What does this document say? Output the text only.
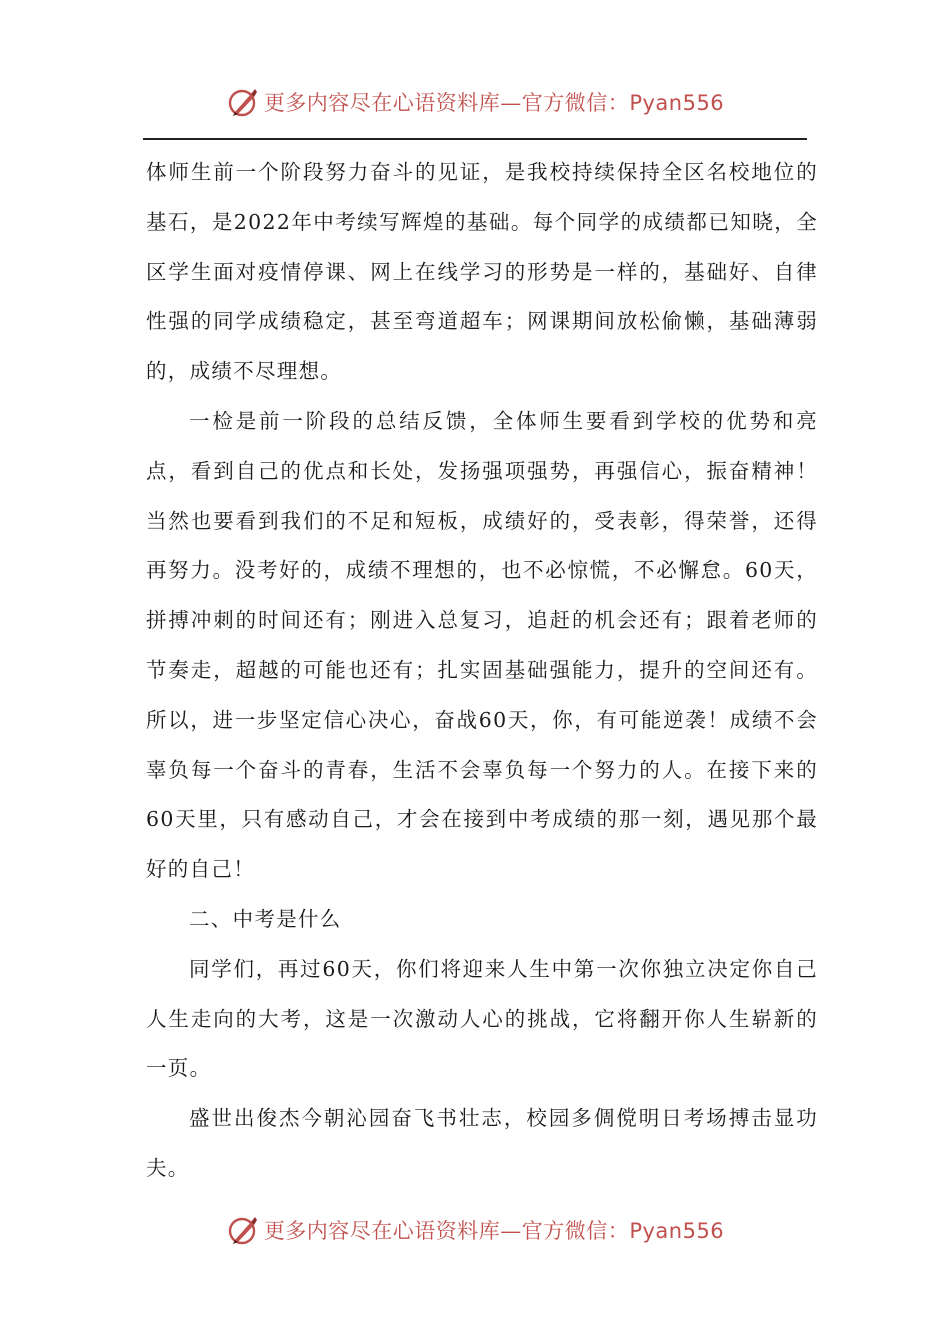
更多内容尽在心语资料库—官方微信：Pyan556

体师生前一个阶段努力奋斗的见证，是我校持续保持全区名校地位的基石，是2022年中考续写辉煌的基础。每个同学的成绩都已知晓，全区学生面对疫情停课、网上在线学习的形势是一样的，基础好、自律性强的同学成绩稳定，甚至弯道超车；网课期间放松偷懒，基础薄弱的，成绩不尽理想。

一检是前一阶段的总结反馈，全体师生要看到学校的优势和亮点，看到自己的优点和长处，发扬强项强势，再强信心，振奋精神！当然也要看到我们的不足和短板，成绩好的，受表彰，得荣誉，还得再努力。没考好的，成绩不理想的，也不必惊慌，不必懈怠。60天，拼搏冲刺的时间还有；刚进入总复习，追赶的机会还有；跟着老师的节奏走，超越的可能也还有；扎实固基础强能力，提升的空间还有。所以，进一步坚定信心决心，奋战60天，你，有可能逆袭！成绩不会辜负每一个奋斗的青春，生活不会辜负每一个努力的人。在接下来的60天里，只有感动自己，才会在接到中考成绩的那一刻，遇见那个最好的自己！

二、中考是什么

同学们，再过60天，你们将迎来人生中第一次你独立决定你自己人生走向的大考，这是一次激动人心的挑战，它将翻开你人生崭新的一页。

盛世出俊杰今朝沁园奋飞书壮志，校园多倜傥明日考场搏击显功夫。

更多内容尽在心语资料库—官方微信：Pyan556
